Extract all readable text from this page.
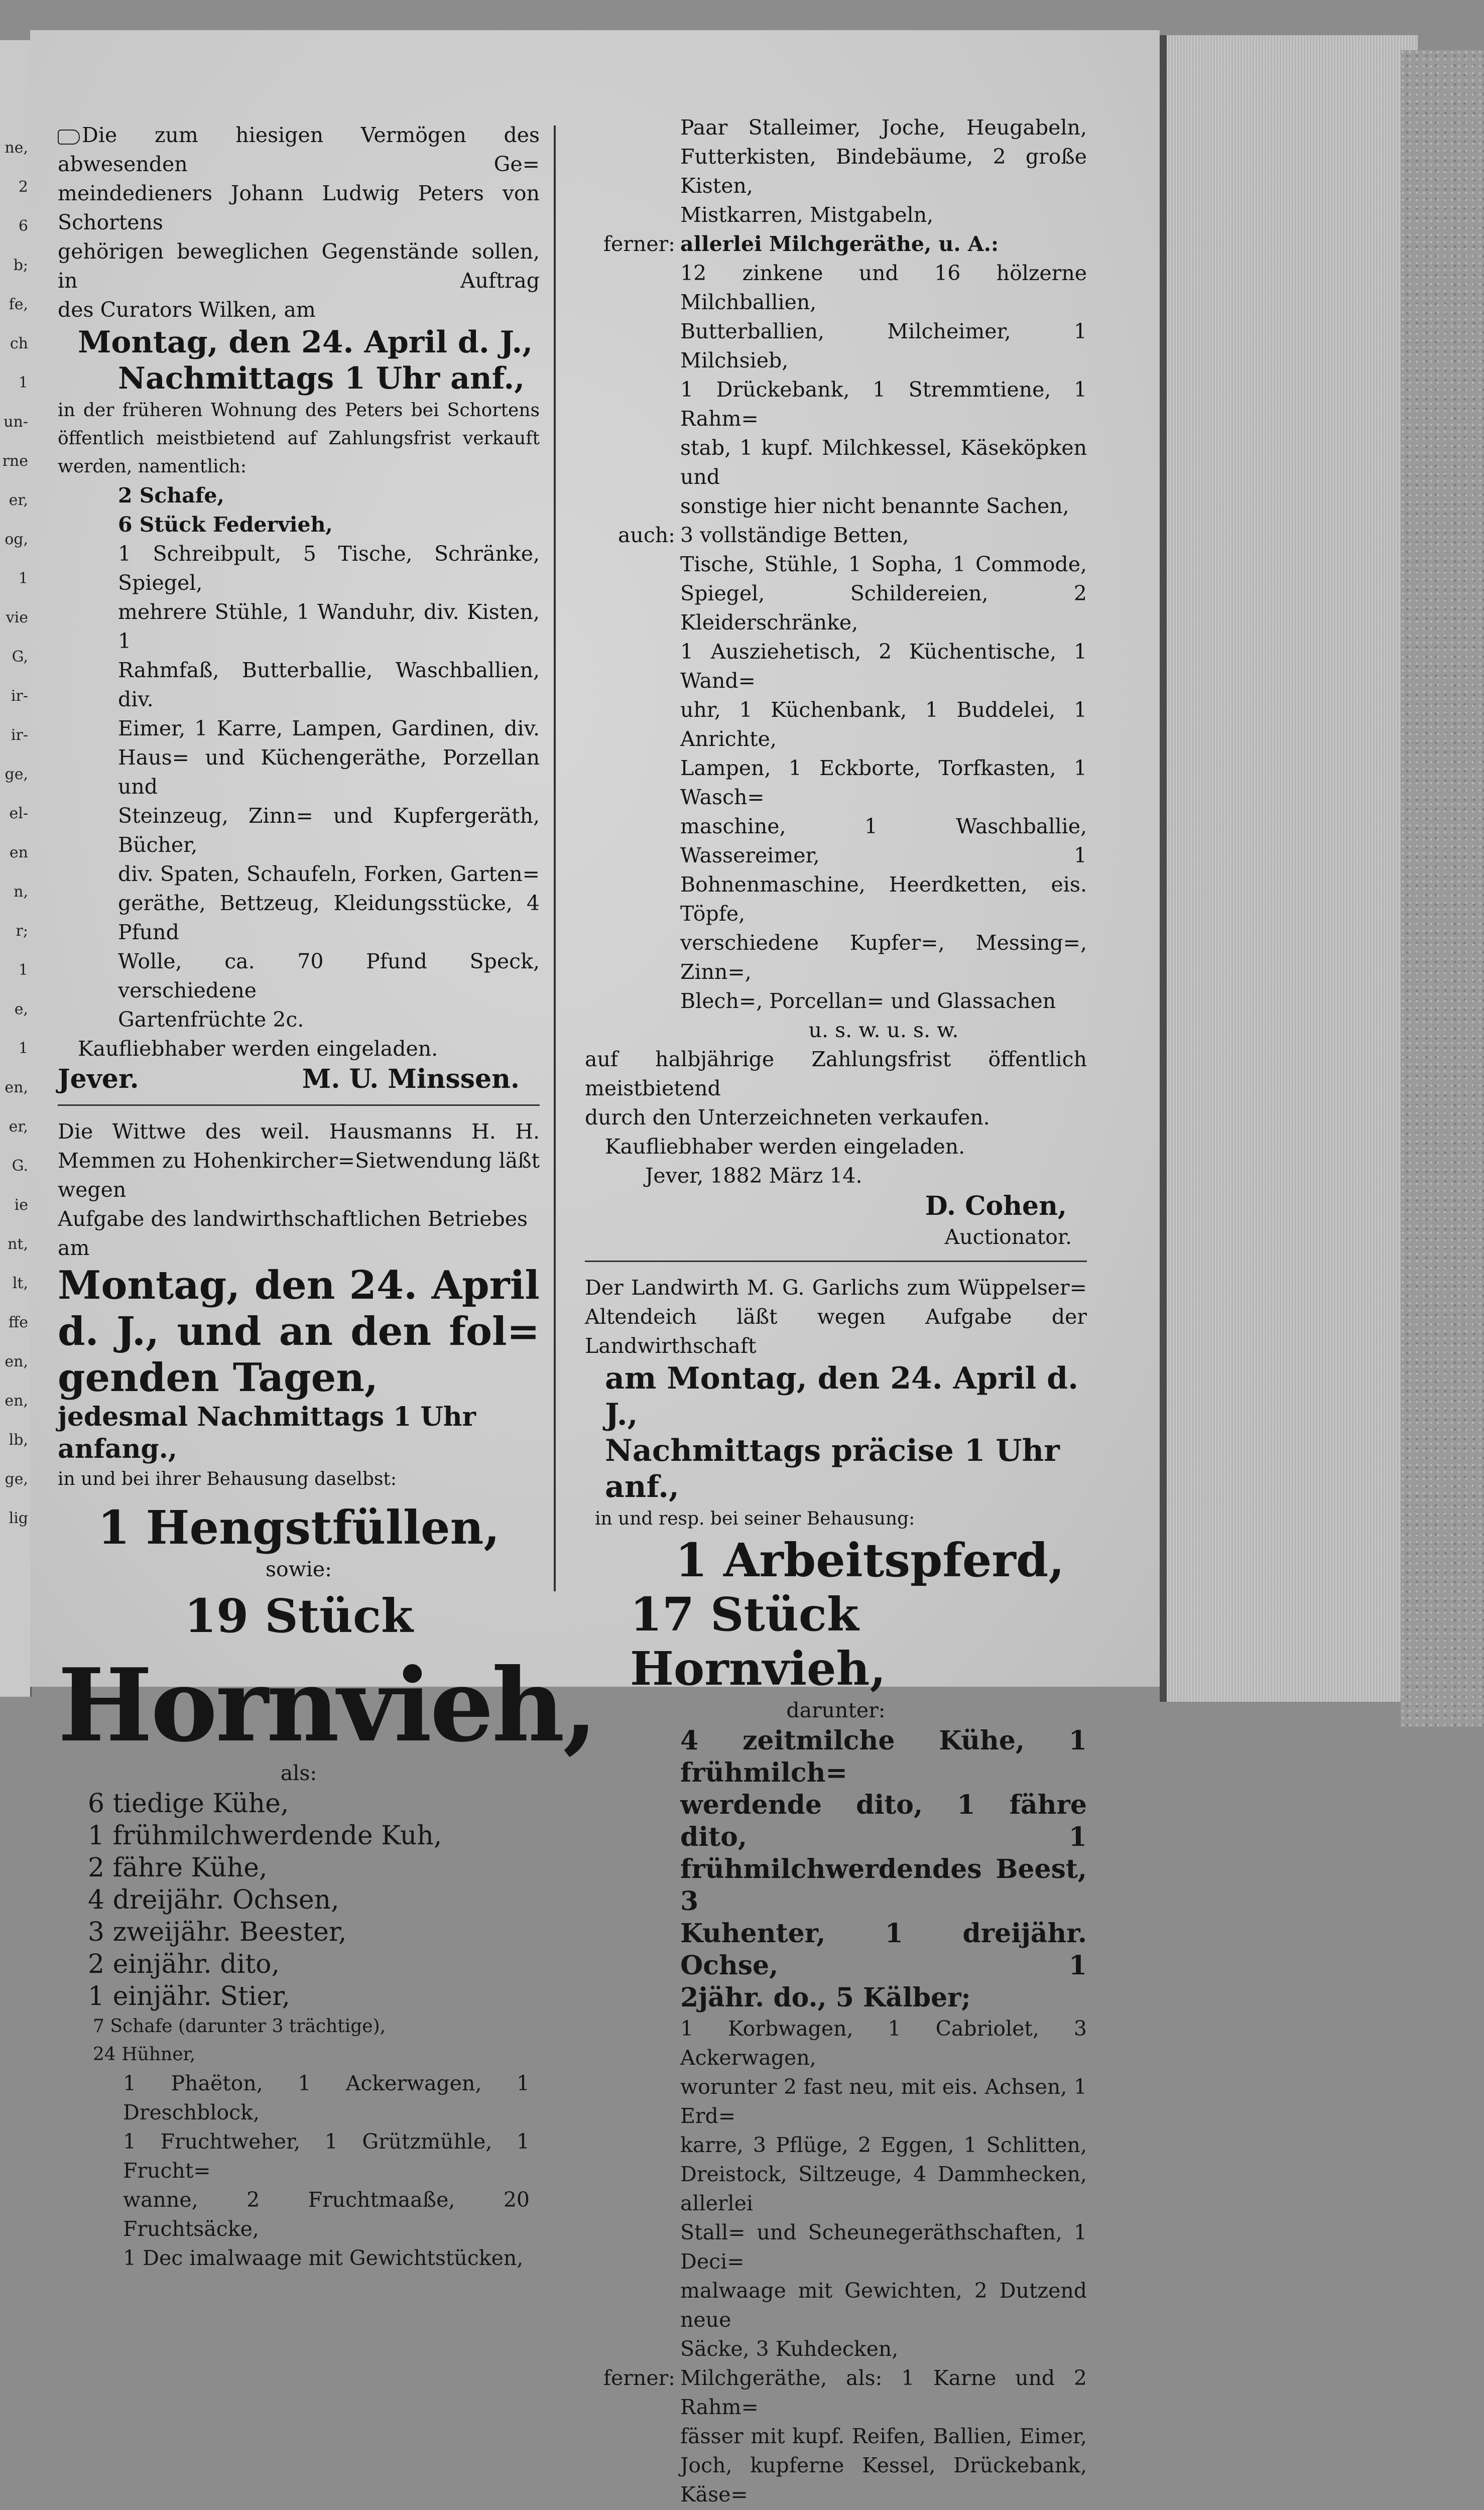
ne,
2
6
b;
fe,
ch
1
un-
rne
er,
og,
1
vie
G,
ir-
ir-
ge,
el-
en
n,
r;
1
e,
1
en,
er,
G.
ie
nt,
lt,
ffe
en,
en,
lb,
ge,
lig

Die zum hiesigen Vermögen des abwesenden Ge=

meindedieners Johann Ludwig Peters von Schortens

gehörigen beweglichen Gegenstände sollen, in Auftrag

des Curators Wilken, am

Montag, den 24. April d. J.,

Nachmittags 1 Uhr anf.,

in der früheren Wohnung des Peters bei Schortens

öffentlich meistbietend auf Zahlungsfrist verkauft

werden, namentlich:

2 Schafe,

6 Stück Federvieh,

1 Schreibpult, 5 Tische, Schränke, Spiegel,

mehrere Stühle, 1 Wanduhr, div. Kisten, 1

Rahmfaß, Butterballie, Waschballien, div.

Eimer, 1 Karre, Lampen, Gardinen, div.

Haus= und Küchengeräthe, Porzellan und

Steinzeug, Zinn= und Kupfergeräth, Bücher,

div. Spaten, Schaufeln, Forken, Garten=

geräthe, Bettzeug, Kleidungsstücke, 4 Pfund

Wolle, ca. 70 Pfund Speck, verschiedene

Gartenfrüchte 2c.

Kaufliebhaber werden eingeladen.

Jever.	M. U. Minssen.

Die Wittwe des weil. Hausmanns H. H.

Memmen zu Hohenkircher=Sietwendung läßt wegen

Aufgabe des landwirthschaftlichen Betriebes am

Montag, den 24. April

d. J., und an den fol=

genden Tagen,

jedesmal Nachmittags 1 Uhr anfang.,

in und bei ihrer Behausung daselbst:

1 Hengstfüllen,

sowie:

19 Stück

Hornvieh,

als:

6 tiedige Kühe,

1 frühmilchwerdende Kuh,

2 fähre Kühe,

4 dreijähr. Ochsen,

3 zweijähr. Beester,

2 einjähr. dito,

1 einjähr. Stier,

7 Schafe (darunter 3 trächtige),

24 Hühner,

1 Phaëton, 1 Ackerwagen, 1 Dreschblock,

1 Fruchtweher, 1 Grützmühle, 1 Frucht=

wanne, 2 Fruchtmaaße, 20 Fruchtsäcke,

1 Dec imalwaage mit Gewichtstücken,

Paar Stalleimer, Joche, Heugabeln,

Futterkisten, Bindebäume, 2 große Kisten,

Mistkarren, Mistgabeln,

ferner: allerlei Milchgeräthe, u. A.:

12 zinkene und 16 hölzerne Milchballien,

Butterballien, Milcheimer, 1 Milchsieb,

1 Drückebank, 1 Stremmtiene, 1 Rahm=

stab, 1 kupf. Milchkessel, Käseköpken und

sonstige hier nicht benannte Sachen,

auch: 3 vollständige Betten,

Tische, Stühle, 1 Sopha, 1 Commode,

Spiegel, Schildereien, 2 Kleiderschränke,

1 Ausziehetisch, 2 Küchentische, 1 Wand=

uhr, 1 Küchenbank, 1 Buddelei, 1 Anrichte,

Lampen, 1 Eckborte, Torfkasten, 1 Wasch=

maschine, 1 Waschballie, Wassereimer, 1

Bohnenmaschine, Heerdketten, eis. Töpfe,

verschiedene Kupfer=, Messing=, Zinn=,

Blech=, Porcellan= und Glassachen

u. s. w. u. s. w.

auf halbjährige Zahlungsfrist öffentlich meistbietend

durch den Unterzeichneten verkaufen.

Kaufliebhaber werden eingeladen.

Jever, 1882 März 14.

D. Cohen,

Auctionator.

Der Landwirth M. G. Garlichs zum Wüppelser=

Altendeich läßt wegen Aufgabe der Landwirthschaft

am Montag, den 24. April d. J.,

Nachmittags präcise 1 Uhr anf.,

in und resp. bei seiner Behausung:

1 Arbeitspferd,

17 Stück Hornvieh,

darunter:

4 zeitmilche Kühe, 1 frühmilch=

werdende dito, 1 fähre dito, 1

frühmilchwerdendes Beest, 3

Kuhenter, 1 dreijähr. Ochse, 1

2jähr. do., 5 Kälber;

1 Korbwagen, 1 Cabriolet, 3 Ackerwagen,

worunter 2 fast neu, mit eis. Achsen, 1 Erd=

karre, 3 Pflüge, 2 Eggen, 1 Schlitten,

Dreistock, Siltzeuge, 4 Dammhecken, allerlei

Stall= und Scheunegeräthschaften, 1 Deci=

malwaage mit Gewichten, 2 Dutzend neue

Säcke, 3 Kuhdecken,

ferner: Milchgeräthe, als: 1 Karne und 2 Rahm=

fässer mit kupf. Reifen, Ballien, Eimer,

Joch, kupferne Kessel, Drückebank, Käse=
